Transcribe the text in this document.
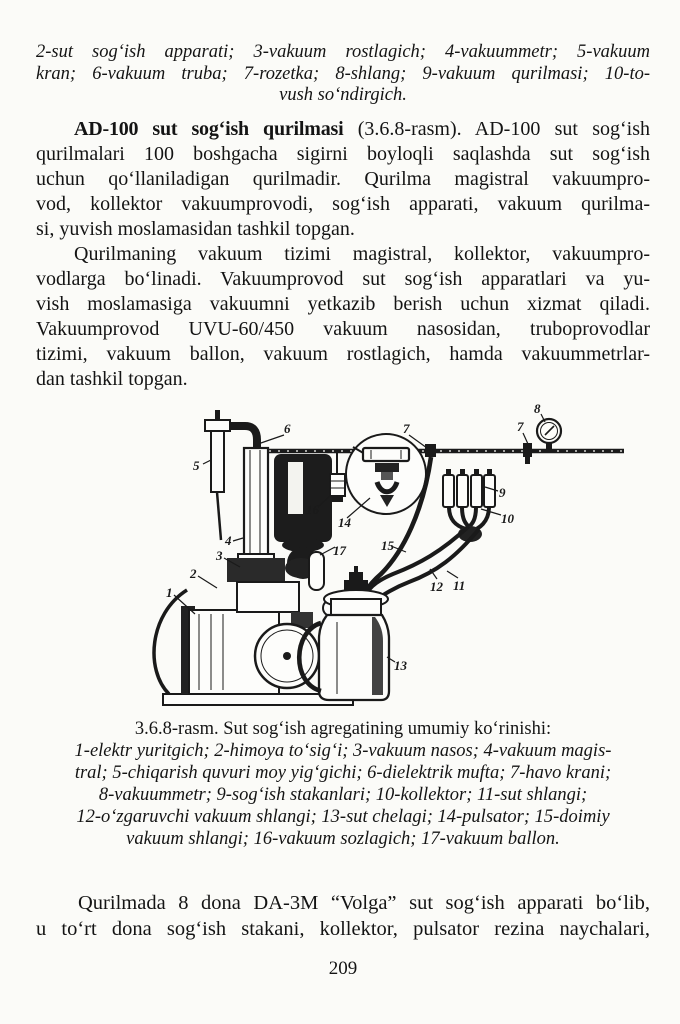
2-sut sogʻish apparati; 3-vakuum rostlagich; 4-vakuummetr; 5-vakuum
kran; 6-vakuum truba; 7-rozetka; 8-shlang; 9-vakuum qurilmasi; 10-to-
vush soʻndirgich.
AD-100 sut sogʻish qurilmasi (3.6.8-rasm). AD-100 sut sogʻish
qurilmalari 100 boshgacha sigirni boyloqli saqlashda sut sogʻish
uchun qoʻllaniladigan qurilmadir. Qurilma magistral vakuumpro-
vod, kollektor vakuumprovodi, sogʻish apparati, vakuum qurilma-
si, yuvish moslamasidan tashkil topgan.
Qurilmaning vakuum tizimi magistral, kollektor, vakuumpro-
vodlarga boʻlinadi. Vakuumprovod sut sogʻish apparatlari va yu-
vish moslamasiga vakuumni yetkazib berish uchun xizmat qiladi.
Vakuumprovod UVU-60/450 vakuum nasosidan, truboprovodlar
tizimi, vakuum ballon, vakuum rostlagich, hamda vakuummetrlar-
dan tashkil topgan.
5
6	7	7
8
9
10
16
14
15
17
4
3
2
1	12 11
13
3.6.8-rasm. Sut sogʻish agregatining umumiy koʻrinishi:
1-elektr yuritgich; 2-himoya toʻsigʻi; 3-vakuum nasos; 4-vakuum magis-
tral; 5-chiqarish quvuri moy yigʻgichi; 6-dielektrik mufta; 7-havo krani;
8-vakuummetr; 9-sogʻish stakanlari; 10-kollektor; 11-sut shlangi;
12-oʻzgaruvchi vakuum shlangi; 13-sut chelagi; 14-pulsator; 15-doimiy
vakuum shlangi; 16-vakuum sozlagich; 17-vakuum ballon.
Qurilmada 8 dona DA-3M “Volga” sut sogʻish apparati boʻlib,
u toʻrt dona sogʻish stakani, kollektor, pulsator rezina naychalari,
209
